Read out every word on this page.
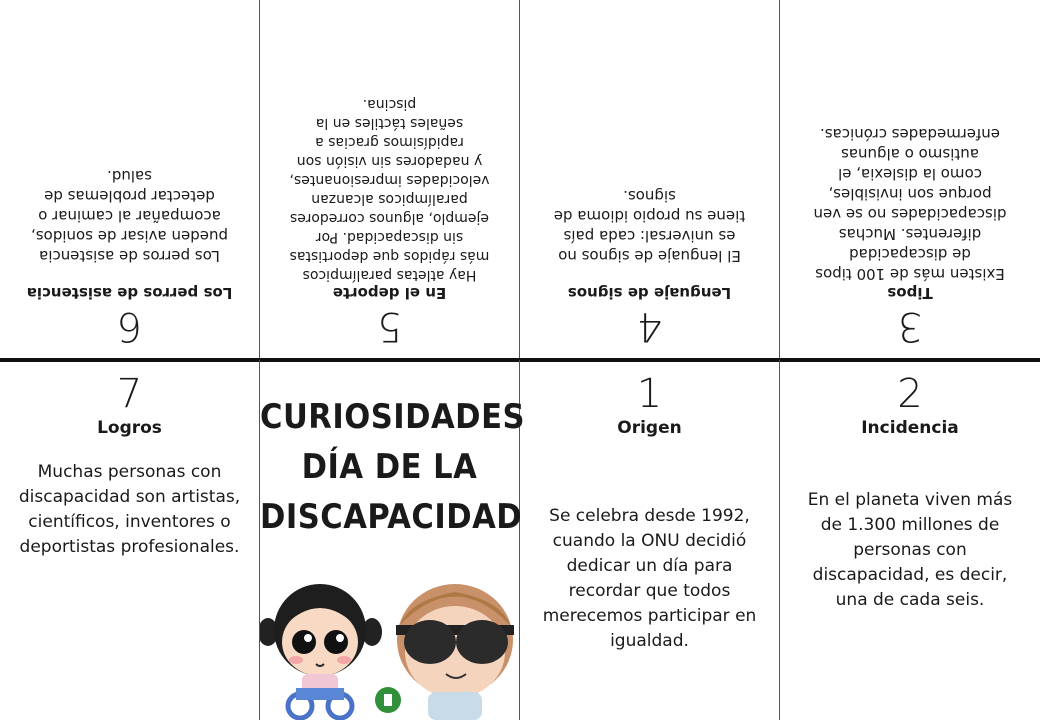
3
Tipos
Existen más de 100 tipos de discapacidad diferentes. Muchas discapacidades no se ven porque son invisibles, como la dislexia, el autismo o algunas enfermedades crónicas.
4
Lenguaje de signos
El lenguaje de signos no es universal: cada país tiene su propio idioma de signos.
5
En el deporte
Hay atletas paralímpicos más rápidos que deportistas sin discapacidad. Por ejemplo, algunos corredores paralímpicos alcanzan velocidades impresionantes, y nadadores sin visión son rapidísimos gracias a señales táctiles en la piscina.
6
Los perros de asistencia
Los perros de asistencia pueden avisar de sonidos, acompañar al caminar o detectar problemas de salud.
7
Logros
Muchas personas con discapacidad son artistas, científicos, inventores o deportistas profesionales.
CURIOSIDADES
DÍA DE LA
DISCAPACIDAD
1
Origen
Se celebra desde 1992, cuando la ONU decidió dedicar un día para recordar que todos merecemos participar en igualdad.
2
Incidencia
En el planeta viven más de 1.300 millones de personas con discapacidad, es decir, una de cada seis.
